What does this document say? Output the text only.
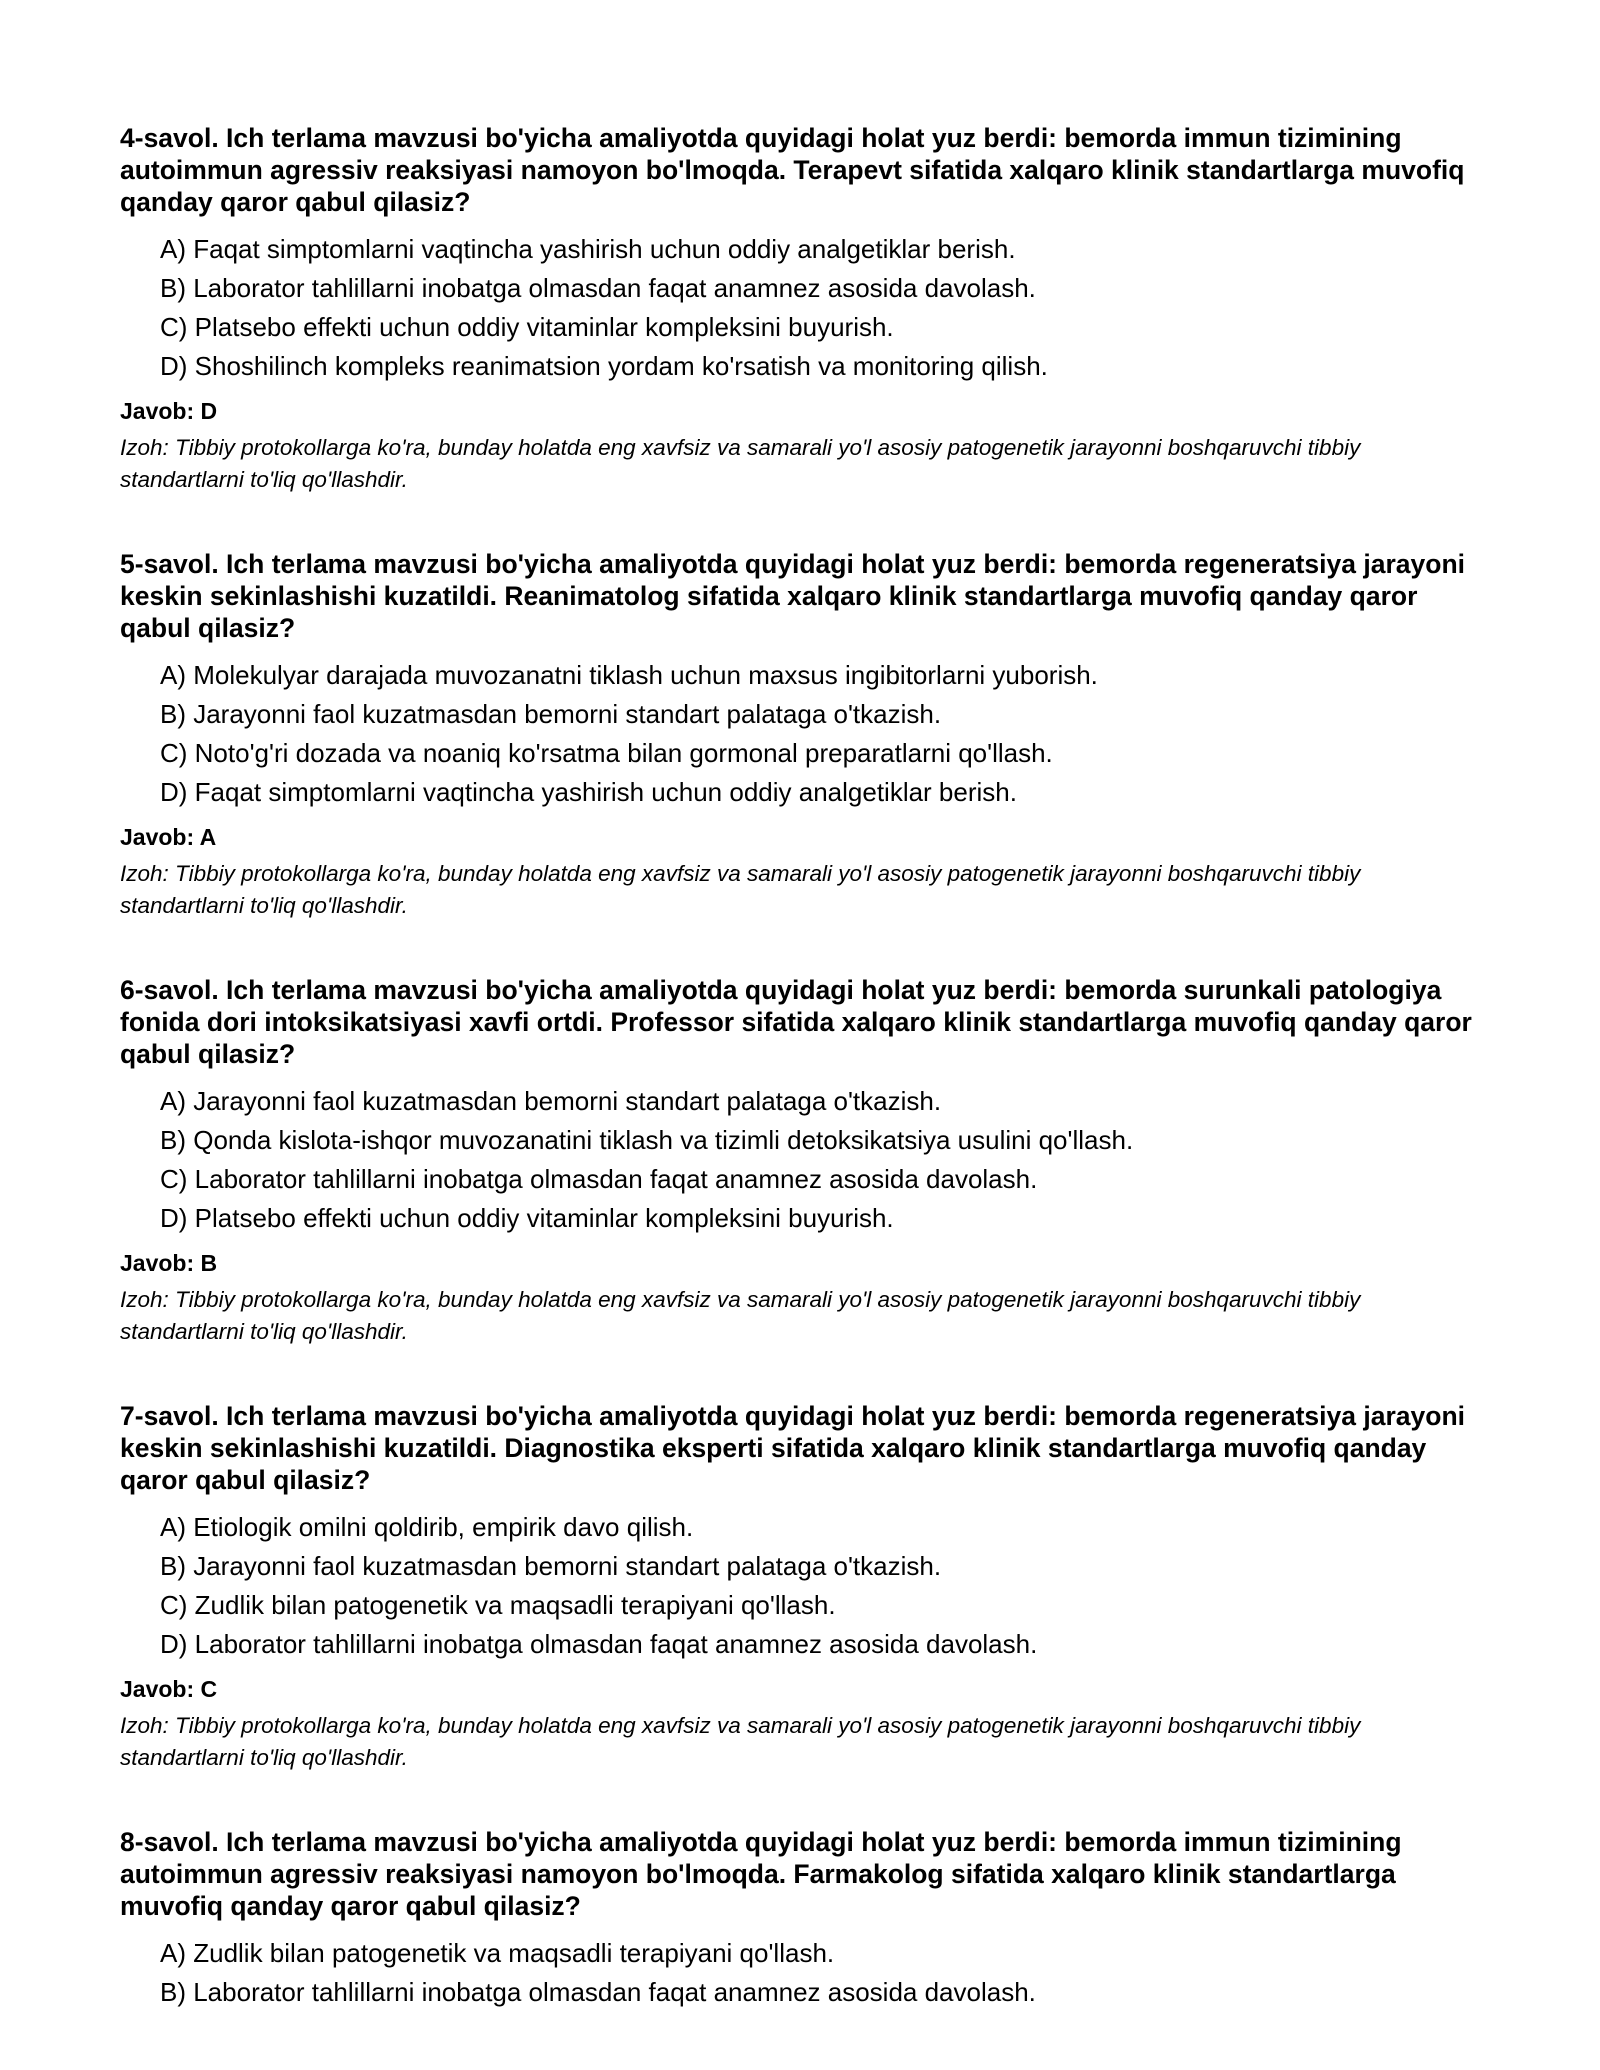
4-savol. Ich terlama mavzusi bo'yicha amaliyotda quyidagi holat yuz berdi: bemorda immun tizimining autoimmun agressiv reaksiyasi namoyon bo'lmoqda. Terapevt sifatida xalqaro klinik standartlarga muvofiq qanday qaror qabul qilasiz?

A) Faqat simptomlarni vaqtincha yashirish uchun oddiy analgetiklar berish.
B) Laborator tahlillarni inobatga olmasdan faqat anamnez asosida davolash.
C) Platsebo effekti uchun oddiy vitaminlar kompleksini buyurish.
D) Shoshilinch kompleks reanimatsion yordam ko'rsatish va monitoring qilish.

Javob: D

Izoh: Tibbiy protokollarga ko'ra, bunday holatda eng xavfsiz va samarali yo'l asosiy patogenetik jarayonni boshqaruvchi tibbiy standartlarni to'liq qo'llashdir.

5-savol. Ich terlama mavzusi bo'yicha amaliyotda quyidagi holat yuz berdi: bemorda regeneratsiya jarayoni keskin sekinlashishi kuzatildi. Reanimatolog sifatida xalqaro klinik standartlarga muvofiq qanday qaror qabul qilasiz?

A) Molekulyar darajada muvozanatni tiklash uchun maxsus ingibitorlarni yuborish.
B) Jarayonni faol kuzatmasdan bemorni standart palataga o'tkazish.
C) Noto'g'ri dozada va noaniq ko'rsatma bilan gormonal preparatlarni qo'llash.
D) Faqat simptomlarni vaqtincha yashirish uchun oddiy analgetiklar berish.

Javob: A

Izoh: Tibbiy protokollarga ko'ra, bunday holatda eng xavfsiz va samarali yo'l asosiy patogenetik jarayonni boshqaruvchi tibbiy standartlarni to'liq qo'llashdir.

6-savol. Ich terlama mavzusi bo'yicha amaliyotda quyidagi holat yuz berdi: bemorda surunkali patologiya fonida dori intoksikatsiyasi xavfi ortdi. Professor sifatida xalqaro klinik standartlarga muvofiq qanday qaror qabul qilasiz?

A) Jarayonni faol kuzatmasdan bemorni standart palataga o'tkazish.
B) Qonda kislota-ishqor muvozanatini tiklash va tizimli detoksikatsiya usulini qo'llash.
C) Laborator tahlillarni inobatga olmasdan faqat anamnez asosida davolash.
D) Platsebo effekti uchun oddiy vitaminlar kompleksini buyurish.

Javob: B

Izoh: Tibbiy protokollarga ko'ra, bunday holatda eng xavfsiz va samarali yo'l asosiy patogenetik jarayonni boshqaruvchi tibbiy standartlarni to'liq qo'llashdir.

7-savol. Ich terlama mavzusi bo'yicha amaliyotda quyidagi holat yuz berdi: bemorda regeneratsiya jarayoni keskin sekinlashishi kuzatildi. Diagnostika eksperti sifatida xalqaro klinik standartlarga muvofiq qanday qaror qabul qilasiz?

A) Etiologik omilni qoldirib, empirik davo qilish.
B) Jarayonni faol kuzatmasdan bemorni standart palataga o'tkazish.
C) Zudlik bilan patogenetik va maqsadli terapiyani qo'llash.
D) Laborator tahlillarni inobatga olmasdan faqat anamnez asosida davolash.

Javob: C

Izoh: Tibbiy protokollarga ko'ra, bunday holatda eng xavfsiz va samarali yo'l asosiy patogenetik jarayonni boshqaruvchi tibbiy standartlarni to'liq qo'llashdir.

8-savol. Ich terlama mavzusi bo'yicha amaliyotda quyidagi holat yuz berdi: bemorda immun tizimining autoimmun agressiv reaksiyasi namoyon bo'lmoqda. Farmakolog sifatida xalqaro klinik standartlarga muvofiq qanday qaror qabul qilasiz?

A) Zudlik bilan patogenetik va maqsadli terapiyani qo'llash.
B) Laborator tahlillarni inobatga olmasdan faqat anamnez asosida davolash.
